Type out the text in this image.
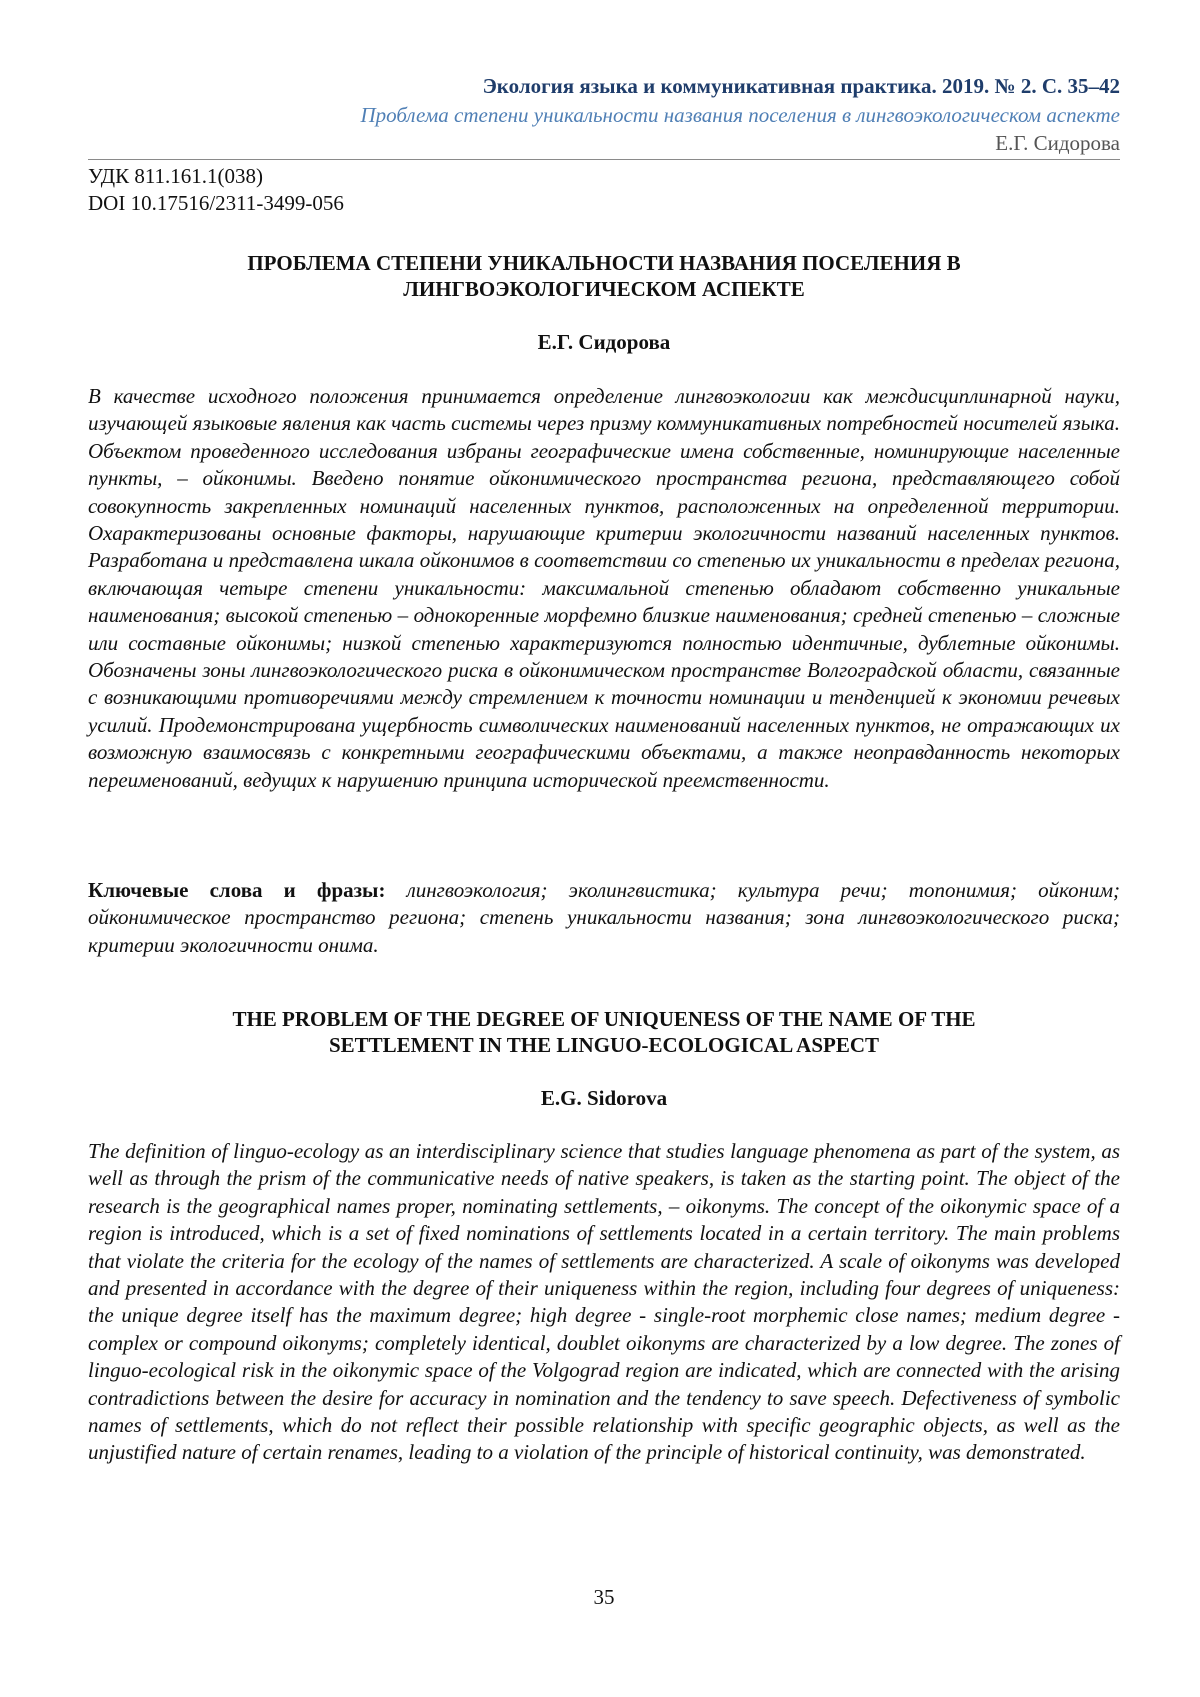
Экология языка и коммуникативная практика. 2019. № 2. С. 35–42
Проблема степени уникальности названия поселения в лингвоэкологическом аспекте
Е.Г. Сидорова
УДК 811.161.1(038)
DOI 10.17516/2311-3499-056
ПРОБЛЕМА СТЕПЕНИ УНИКАЛЬНОСТИ НАЗВАНИЯ ПОСЕЛЕНИЯ В
ЛИНГВОЭКОЛОГИЧЕСКОМ АСПЕКТЕ
Е.Г. Сидорова
В качестве исходного положения принимается определение лингвоэкологии как междисциплинарной науки, изучающей языковые явления как часть системы через призму коммуникативных потребностей носителей языка. Объектом проведенного исследования избраны географические имена собственные, номинирующие населенные пункты, – ойконимы. Введено понятие ойконимического пространства региона, представляющего собой совокупность закрепленных номинаций населенных пунктов, расположенных на определенной территории. Охарактеризованы основные факторы, нарушающие критерии экологичности названий населенных пунктов. Разработана и представлена шкала ойконимов в соответствии со степенью их уникальности в пределах региона, включающая четыре степени уникальности: максимальной степенью обладают собственно уникальные наименования; высокой степенью – однокоренные морфемно близкие наименования; средней степенью – сложные или составные ойконимы; низкой степенью характеризуются полностью идентичные, дублетные ойконимы. Обозначены зоны лингвоэкологического риска в ойконимическом пространстве Волгоградской области, связанные с возникающими противоречиями между стремлением к точности номинации и тенденцией к экономии речевых усилий. Продемонстрирована ущербность символических наименований населенных пунктов, не отражающих их возможную взаимосвязь с конкретными географическими объектами, а также неоправданность некоторых переименований, ведущих к нарушению принципа исторической преемственности.
Ключевые слова и фразы: лингвоэкология; эколингвистика; культура речи; топонимия; ойконим; ойконимическое пространство региона; степень уникальности названия; зона лингвоэкологического риска; критерии экологичности онима.
THE PROBLEM OF THE DEGREE OF UNIQUENESS OF THE NAME OF THE
SETTLEMENT IN THE LINGUO-ECOLOGICAL ASPECT
E.G. Sidorova
The definition of linguo-ecology as an interdisciplinary science that studies language phenomena as part of the system, as well as through the prism of the communicative needs of native speakers, is taken as the starting point. The object of the research is the geographical names proper, nominating settlements, – oikonyms. The concept of the oikonymic space of a region is introduced, which is a set of fixed nominations of settlements located in a certain territory. The main problems that violate the criteria for the ecology of the names of settlements are characterized. A scale of oikonyms was developed and presented in accordance with the degree of their uniqueness within the region, including four degrees of uniqueness: the unique degree itself has the maximum degree; high degree - single-root morphemic close names; medium degree - complex or compound oikonyms; completely identical, doublet oikonyms are characterized by a low degree. The zones of linguo-ecological risk in the oikonymic space of the Volgograd region are indicated, which are connected with the arising contradictions between the desire for accuracy in nomination and the tendency to save speech. Defectiveness of symbolic names of settlements, which do not reflect their possible relationship with specific geographic objects, as well as the unjustified nature of certain renames, leading to a violation of the principle of historical continuity, was demonstrated.
35
